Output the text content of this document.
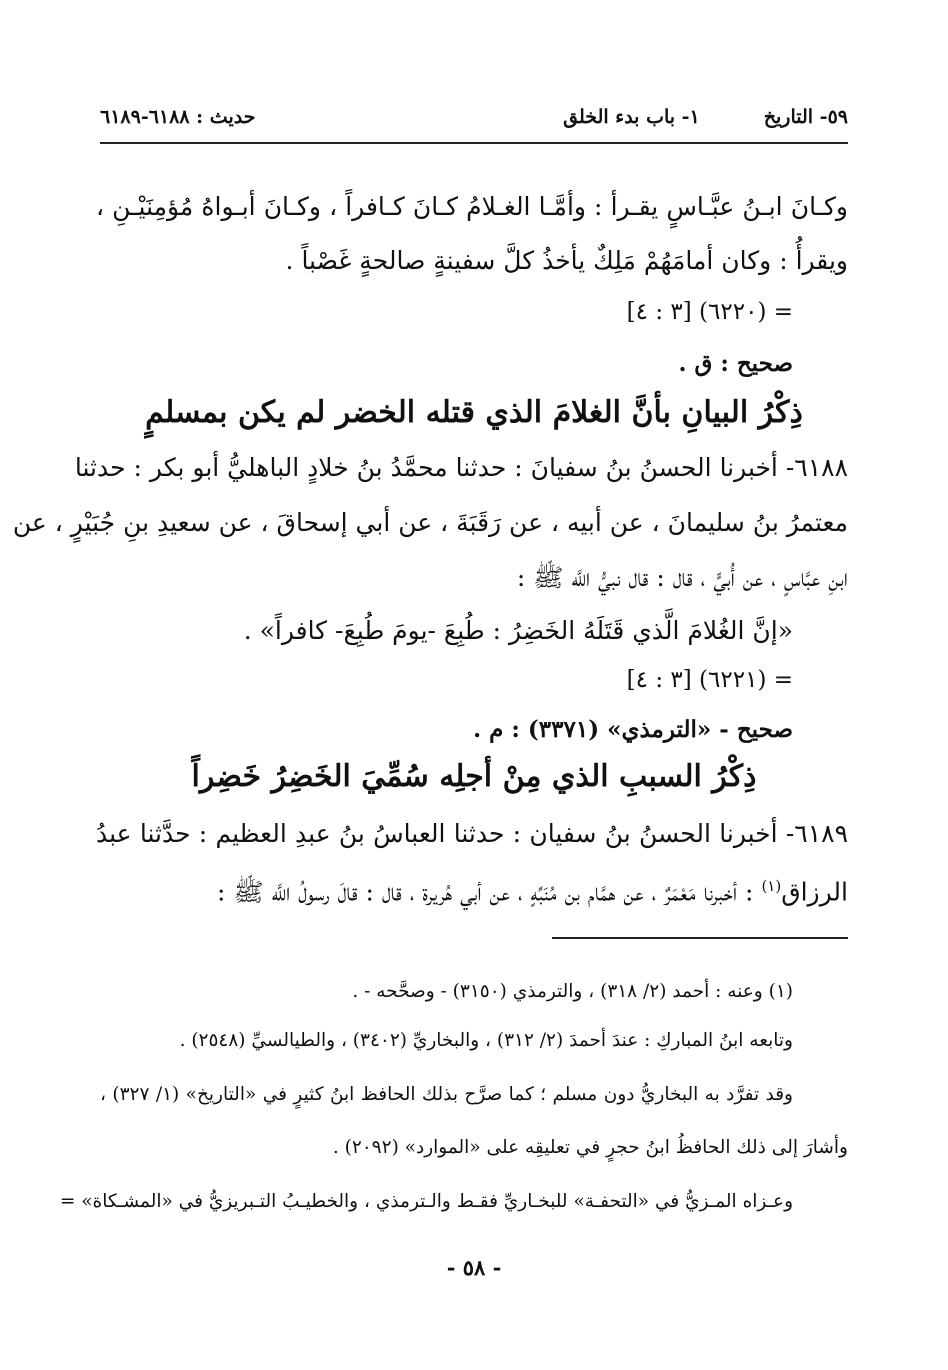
٥٩- التاريخ١- باب بدء الخلق
حديث : ٦١٨٨-٦١٨٩
وكـانَ ابـنُ عبَّـاسٍ يقـرأ : وأمَّـا الغـلامُ كـانَ كـافراً ، وكـانَ أبـواهُ مُؤمِنَيْـنِ ،
ويقرأُ : وكان أمامَهُمْ مَلِكٌ يأخذُ كلَّ سفينةٍ صالحةٍ غَصْباً .
= (٦٢٢٠) [٣ : ٤]
صحيح : ق .
ذِكْرُ البيانِ بأنَّ الغلامَ الذي قتله الخضر لم يكن بمسلمٍ
٦١٨٨- أخبرنا الحسنُ بنُ سفيانَ : حدثنا محمَّدُ بنُ خلادٍ الباهليُّ أبو بكر : حدثنا
معتمرُ بنُ سليمانَ ، عن أبيه ، عن رَقَبَةَ ، عن أبي إسحاقَ ، عن سعيدِ بنِ جُبَيْرٍ ، عن
ابنِ عبَّاسٍ ، عن أُبيٍّ ، قال : قال نبيُّ اللَّه ﷺ :
«إنَّ الغُلامَ الَّذي قَتَلَهُ الخَضِرُ : طُبِعَ -يومَ طُبِعَ- كافراً» .
= (٦٢٢١) [٣ : ٤]
صحيح - «الترمذي» (٣٣٧١) : م .
ذِكْرُ السببِ الذي مِنْ أجلِه سُمِّيَ الخَضِرُ خَضِراً
٦١٨٩- أخبرنا الحسنُ بنُ سفيان : حدثنا العباسُ بنُ عبدِ العظيم : حدَّثنا عبدُ
الرزاق$^{(١)}$ : أخبرنا مَعْمَرٌ ، عن همَّام بن مُنَبِّهٍ ، عن أبي هُريرة ، قال : قالَ رسولُ اللَّه ﷺ :
(١) وعنه : أحمد (٢/ ٣١٨) ، والترمذي (٣١٥٠) - وصحَّحه - .
وتابعه ابنُ المباركِ : عندَ أحمدَ (٢/ ٣١٢) ، والبخاريِّ (٣٤٠٢) ، والطيالسيِّ (٢٥٤٨) .
وقد تفرَّد به البخاريُّ دون مسلم ؛ كما صرَّح بذلك الحافظ ابنُ كثيرٍ في «التاريخ» (١/ ٣٢٧) ،
وأشارَ إلى ذلك الحافظُ ابنُ حجرٍ في تعليقِه على «الموارد» (٢٠٩٢) .
وعـزاه المـزيُّ في «التحفـة» للبخـاريِّ فقـط والـترمذي ، والخطيـبُ التـبريزيُّ في «المشـكاة» =
- ٥٨ -
